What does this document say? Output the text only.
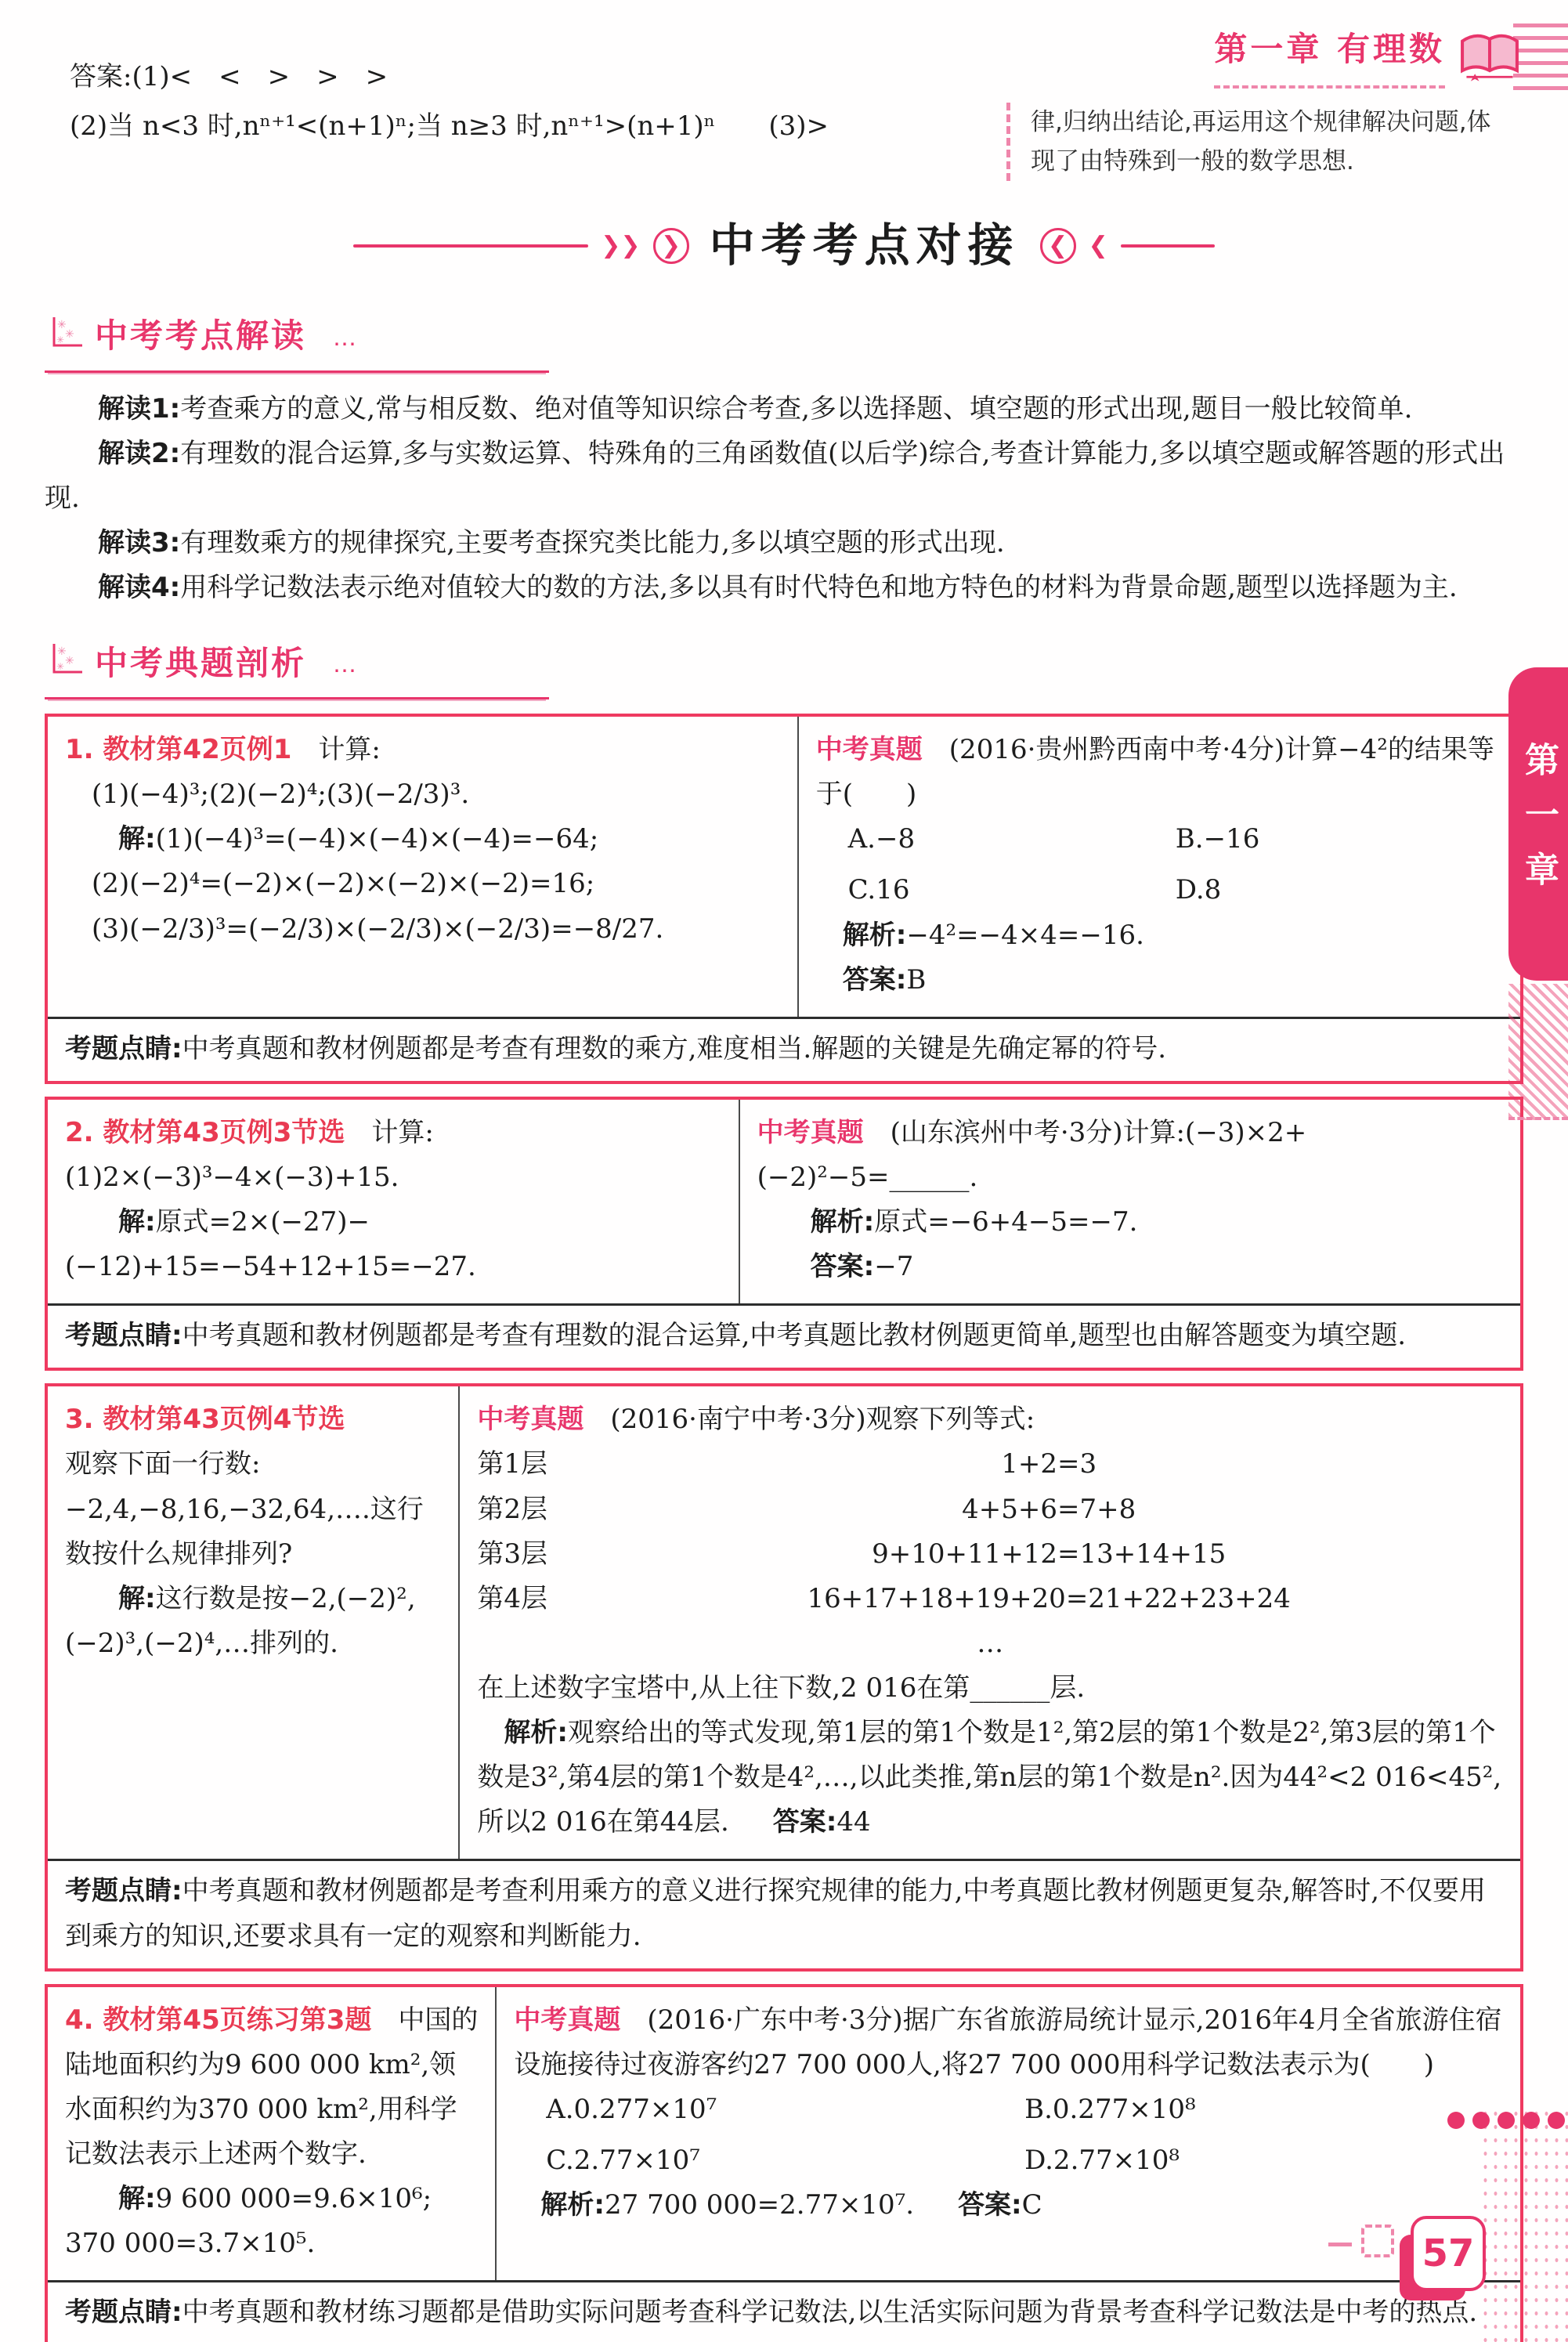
答案:(1)<　<　>　>　>

(2)当 n<3 时,nⁿ⁺¹<(n+1)ⁿ;当 n≥3 时,nⁿ⁺¹>(n+1)ⁿ　　(3)>

第一章 有理数
律,归纳出结论,再运用这个规律解决问题,体现了由特殊到一般的数学思想.
❯❯ ❯ 中考考点对接 ❮ ❮
✳
✳
✳ 中考考点解读 ⋯

解读1:考查乘方的意义,常与相反数、绝对值等知识综合考查,多以选择题、填空题的形式出现,题目一般比较简单.

解读2:有理数的混合运算,多与实数运算、特殊角的三角函数值(以后学)综合,考查计算能力,多以填空题或解答题的形式出现.

解读3:有理数乘方的规律探究,主要考查探究类比能力,多以填空题的形式出现.

解读4:用科学记数法表示绝对值较大的数的方法,多以具有时代特色和地方特色的材料为背景命题,题型以选择题为主.

✳
✳
✳ 中考典题剖析 ⋯

1. 教材第42页例1　计算:

(1)(−4)³;(2)(−2)⁴;(3)(−2/3)³.

解:(1)(−4)³=(−4)×(−4)×(−4)=−64;

(2)(−2)⁴=(−2)×(−2)×(−2)×(−2)=16;

(3)(−2/3)³=(−2/3)×(−2/3)×(−2/3)=−8/27.

中考真题　(2016·贵州黔西南中考·4分)计算−4²的结果等于(　　)

A.−8	B.−16
C.16	D.8

解析:−4²=−4×4=−16.

答案:B

考题点睛:中考真题和教材例题都是考查有理数的乘方,难度相当.解题的关键是先确定幂的符号.

2. 教材第43页例3节选　计算:(1)2×(−3)³−4×(−3)+15.

解:原式=2×(−27)−(−12)+15=−54+12+15=−27.

中考真题　(山东滨州中考·3分)计算:(−3)×2+(−2)²−5=______.

解析:原式=−6+4−5=−7.

答案:−7

考题点睛:中考真题和教材例题都是考查有理数的混合运算,中考真题比教材例题更简单,题型也由解答题变为填空题.

3. 教材第43页例4节选

观察下面一行数:−2,4,−8,16,−32,64,….这行数按什么规律排列?

解:这行数是按−2,(−2)²,(−2)³,(−2)⁴,…排列的.

中考真题　(2016·南宁中考·3分)观察下列等式:

第1层	1+2=3
第2层	4+5+6=7+8
第3层	9+10+11+12=13+14+15
第4层	16+17+18+19+20=21+22+23+24

…

在上述数字宝塔中,从上往下数,2 016在第______层.

解析:观察给出的等式发现,第1层的第1个数是1²,第2层的第1个数是2²,第3层的第1个数是3²,第4层的第1个数是4²,…,以此类推,第n层的第1个数是n².因为44²<2 016<45²,所以2 016在第44层. 答案:44

考题点睛:中考真题和教材例题都是考查利用乘方的意义进行探究规律的能力,中考真题比教材例题更复杂,解答时,不仅要用到乘方的知识,还要求具有一定的观察和判断能力.

4. 教材第45页练习第3题　中国的陆地面积约为9 600 000 km²,领水面积约为370 000 km²,用科学记数法表示上述两个数字.

解:9 600 000=9.6×10⁶;

370 000=3.7×10⁵.

中考真题　(2016·广东中考·3分)据广东省旅游局统计显示,2016年4月全省旅游住宿设施接待过夜游客约27 700 000人,将27 700 000用科学记数法表示为(　　)

A.0.277×10⁷	B.0.277×10⁸
C.2.77×10⁷	D.2.77×10⁸

解析:27 700 000=2.77×10⁷. 答案:C

考题点睛:中考真题和教材练习题都是借助实际问题考查科学记数法,以生活实际问题为背景考查科学记数法是中考的热点.
第一章
57
